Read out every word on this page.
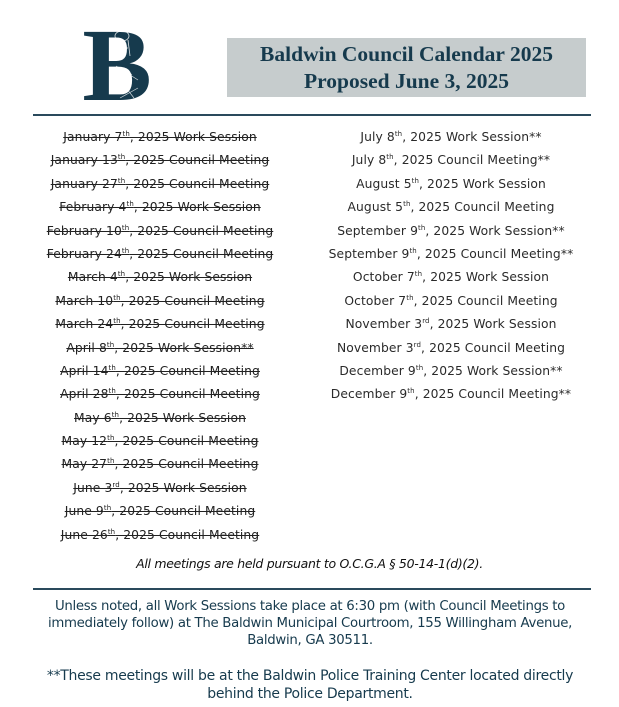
B	Baldwin Council Calendar 2025
Proposed June 3, 2025
January 7th, 2025 Work Session
January 13th, 2025 Council Meeting
January 27th, 2025 Council Meeting
February 4th, 2025 Work Session
February 10th, 2025 Council Meeting
February 24th, 2025 Council Meeting
March 4th, 2025 Work Session
March 10th, 2025 Council Meeting
March 24th, 2025 Council Meeting
April 8th, 2025 Work Session**
April 14th, 2025 Council Meeting
April 28th, 2025 Council Meeting
May 6th, 2025 Work Session
May 12th, 2025 Council Meeting
May 27th, 2025 Council Meeting
June 3rd, 2025 Work Session
June 9th, 2025 Council Meeting
June 26th, 2025 Council Meeting
July 8th, 2025 Work Session**
July 8th, 2025 Council Meeting**
August 5th, 2025 Work Session
August 5th, 2025 Council Meeting
September 9th, 2025 Work Session**
September 9th, 2025 Council Meeting**
October 7th, 2025 Work Session
October 7th, 2025 Council Meeting
November 3rd, 2025 Work Session
November 3rd, 2025 Council Meeting
December 9th, 2025 Work Session**
December 9th, 2025 Council Meeting**
All meetings are held pursuant to O.C.G.A § 50-14-1(d)(2).
Unless noted, all Work Sessions take place at 6:30 pm (with Council Meetings to immediately follow) at The Baldwin Municipal Courtroom, 155 Willingham Avenue, Baldwin, GA 30511.
**These meetings will be at the Baldwin Police Training Center located directly behind the Police Department.
